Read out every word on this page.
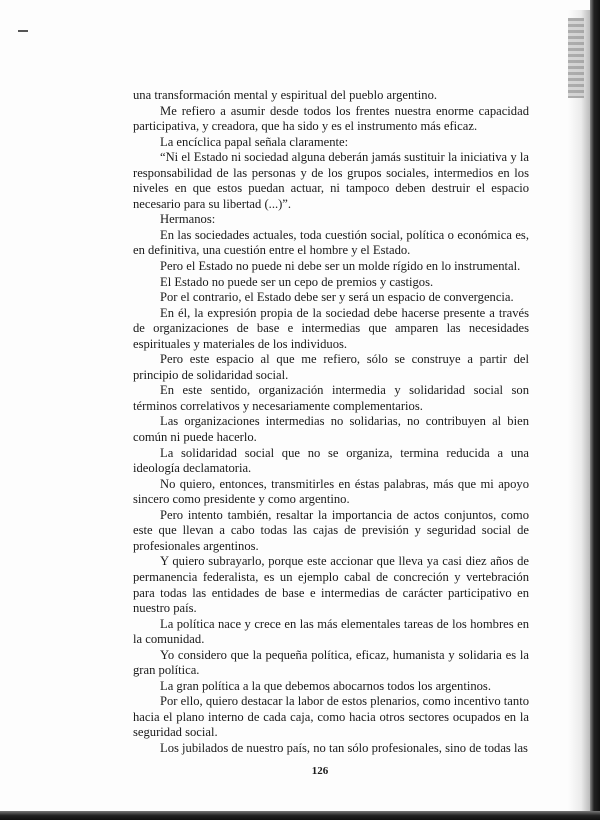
una transformación mental y espiritual del pueblo argentino.

Me refiero a asumir desde todos los frentes nuestra enorme capacidad participativa, y creadora, que ha sido y es el instrumento más eficaz.

La encíclica papal señala claramente:

“Ni el Estado ni sociedad alguna deberán jamás sustituir la iniciativa y la responsabilidad de las personas y de los grupos sociales, intermedios en los niveles en que estos puedan actuar, ni tampoco deben destruir el espacio necesario para su libertad (...)”.

Hermanos:

En las sociedades actuales, toda cuestión social, política o económica es, en definitiva, una cuestión entre el hombre y el Estado.

Pero el Estado no puede ni debe ser un molde rígido en lo instrumental.

El Estado no puede ser un cepo de premios y castigos.

Por el contrario, el Estado debe ser y será un espacio de convergencia.

En él, la expresión propia de la sociedad debe hacerse presente a través de organizaciones de base e intermedias que amparen las necesidades espirituales y materiales de los individuos.

Pero este espacio al que me refiero, sólo se construye a partir del principio de solidaridad social.

En este sentido, organización intermedia y solidaridad social son términos correlativos y necesariamente complementarios.

Las organizaciones intermedias no solidarias, no contribuyen al bien común ni puede hacerlo.

La solidaridad social que no se organiza, termina reducida a una ideología declamatoria.

No quiero, entonces, transmitirles en éstas palabras, más que mi apoyo sincero como presidente y como argentino.

Pero intento también, resaltar la importancia de actos conjuntos, como este que llevan a cabo todas las cajas de previsión y seguridad social de profesionales argentinos.

Y quiero subrayarlo, porque este accionar que lleva ya casi diez años de permanencia federalista, es un ejemplo cabal de concreción y vertebración para todas las entidades de base e intermedias de carácter participativo en nuestro país.

La política nace y crece en las más elementales tareas de los hombres en la comunidad.

Yo considero que la pequeña política, eficaz, humanista y solidaria es la gran política.

La gran política a la que debemos abocarnos todos los argentinos.

Por ello, quiero destacar la labor de estos plenarios, como incentivo tanto hacia el plano interno de cada caja, como hacia otros sectores ocupados en la seguridad social.

Los jubilados de nuestro país, no tan sólo profesionales, sino de todas las

126
